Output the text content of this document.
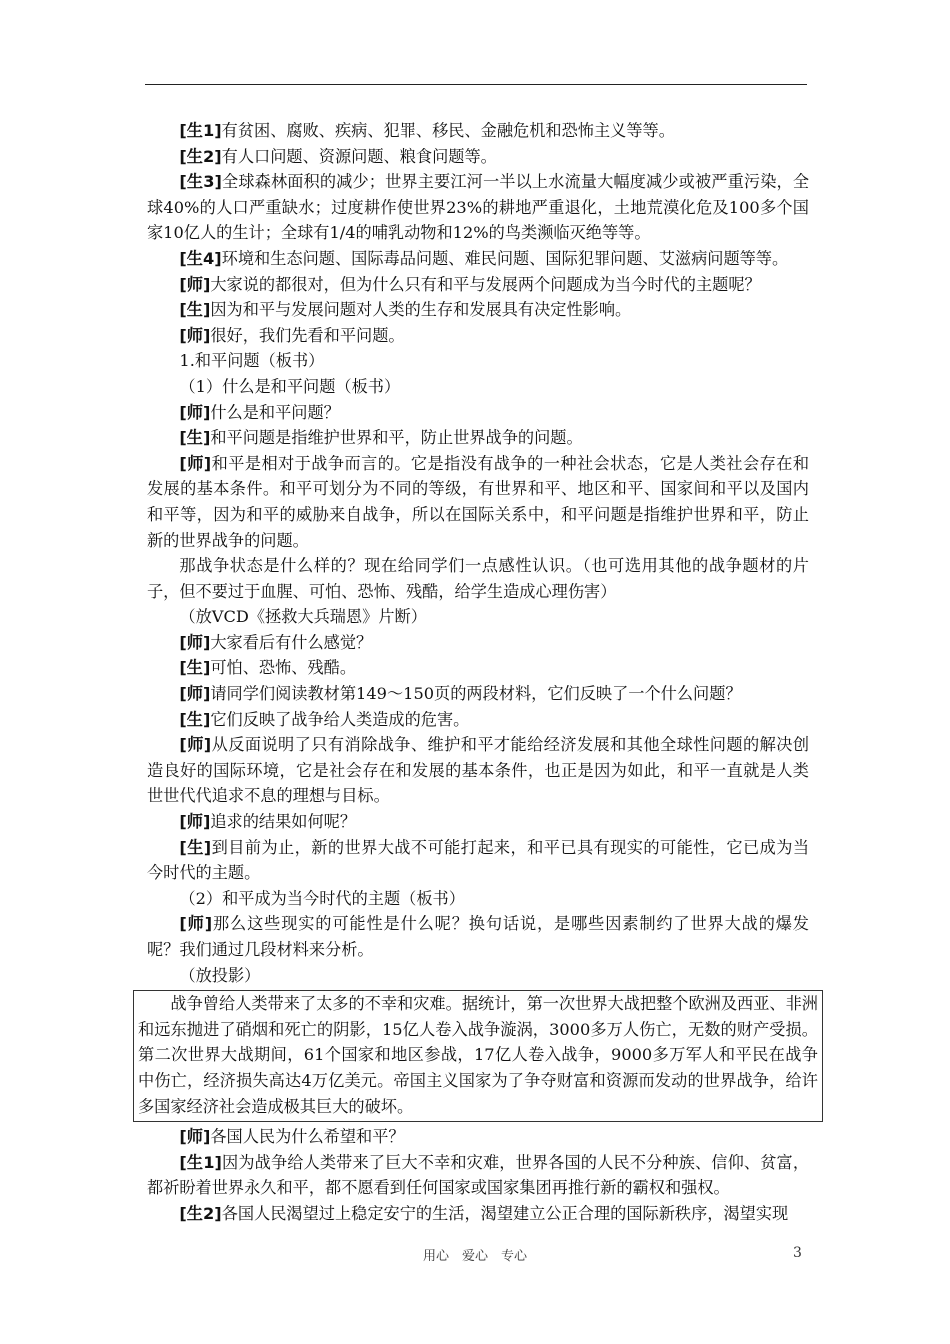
[生1]有贫困、腐败、疾病、犯罪、移民、金融危机和恐怖主义等等。

[生2]有人口问题、资源问题、粮食问题等。

[生3]全球森林面积的减少；世界主要江河一半以上水流量大幅度减少或被严重污染，全球40%的人口严重缺水；过度耕作使世界23%的耕地严重退化，土地荒漠化危及100多个国家10亿人的生计；全球有1/4的哺乳动物和12%的鸟类濒临灭绝等等。

[生4]环境和生态问题、国际毒品问题、难民问题、国际犯罪问题、艾滋病问题等等。

[师]大家说的都很对，但为什么只有和平与发展两个问题成为当今时代的主题呢？

[生]因为和平与发展问题对人类的生存和发展具有决定性影响。

[师]很好，我们先看和平问题。

1.和平问题（板书）

（1）什么是和平问题（板书）

[师]什么是和平问题？

[生]和平问题是指维护世界和平，防止世界战争的问题。

[师]和平是相对于战争而言的。它是指没有战争的一种社会状态，它是人类社会存在和发展的基本条件。和平可划分为不同的等级，有世界和平、地区和平、国家间和平以及国内和平等，因为和平的威胁来自战争，所以在国际关系中，和平问题是指维护世界和平，防止新的世界战争的问题。

那战争状态是什么样的？现在给同学们一点感性认识。（也可选用其他的战争题材的片子，但不要过于血腥、可怕、恐怖、残酷，给学生造成心理伤害）

（放VCD《拯救大兵瑞恩》片断）

[师]大家看后有什么感觉？

[生]可怕、恐怖、残酷。

[师]请同学们阅读教材第149～150页的两段材料，它们反映了一个什么问题？

[生]它们反映了战争给人类造成的危害。

[师]从反面说明了只有消除战争、维护和平才能给经济发展和其他全球性问题的解决创造良好的国际环境，它是社会存在和发展的基本条件，也正是因为如此，和平一直就是人类世世代代追求不息的理想与目标。

[师]追求的结果如何呢？

[生]到目前为止，新的世界大战不可能打起来，和平已具有现实的可能性，它已成为当今时代的主题。

（2）和平成为当今时代的主题（板书）

[师]那么这些现实的可能性是什么呢？换句话说，是哪些因素制约了世界大战的爆发呢？我们通过几段材料来分析。

（放投影）

战争曾给人类带来了太多的不幸和灾难。据统计，第一次世界大战把整个欧洲及西亚、非洲和远东抛进了硝烟和死亡的阴影，15亿人卷入战争漩涡，3000多万人伤亡，无数的财产受损。第二次世界大战期间，61个国家和地区参战，17亿人卷入战争，9000多万军人和平民在战争中伤亡，经济损失高达4万亿美元。帝国主义国家为了争夺财富和资源而发动的世界战争，给许多国家经济社会造成极其巨大的破坏。

[师]各国人民为什么希望和平？

[生1]因为战争给人类带来了巨大不幸和灾难，世界各国的人民不分种族、信仰、贫富，都祈盼着世界永久和平，都不愿看到任何国家或国家集团再推行新的霸权和强权。

[生2]各国人民渴望过上稳定安宁的生活，渴望建立公正合理的国际新秩序，渴望实现

用心　爱心　专心	3
